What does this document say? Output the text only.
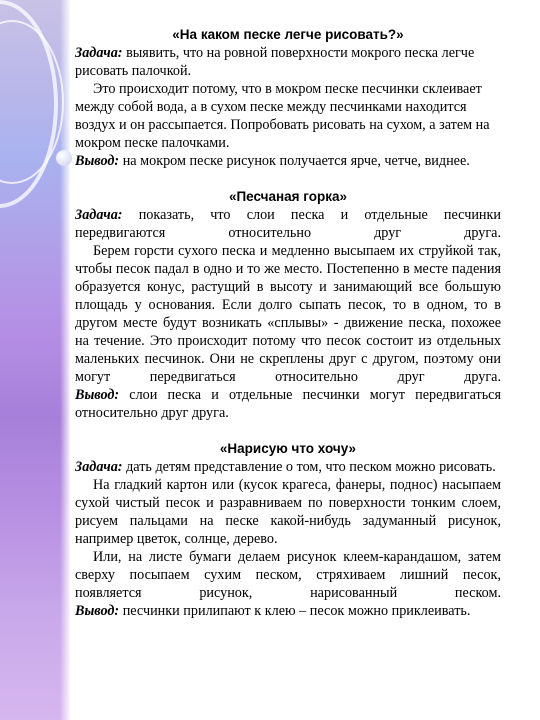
«На каком песке легче рисовать?»

Задача: выявить, что на ровной поверхности мокрого песка легче рисовать палочкой.

Это происходит потому, что в мокром песке песчинки склеивает между собой вода, а в сухом песке между песчинками находится воздух и он рассыпается. Попробовать рисовать на сухом, а затем на мокром песке палочками.

Вывод: на мокром песке рисунок получается ярче, четче, виднее.

«Песчаная горка»

Задача: показать, что слои песка и отдельные песчинки передвигаются относительно друг друга.

Берем горсти сухого песка и медленно высыпаем их струйкой так, чтобы песок падал в одно и то же место. Постепенно в месте падения образуется конус, растущий в высоту и занимающий все большую площадь у основания. Если долго сыпать песок, то в одном, то в другом месте будут возникать «сплывы» - движение песка, похожее на течение. Это происходит потому что песок состоит из отдельных маленьких песчинок. Они не скреплены друг с другом, поэтому они могут передвигаться относительно друг друга.

Вывод: слои песка и отдельные песчинки могут передвигаться относительно друг друга.

«Нарисую что хочу»

Задача: дать детям представление о том, что песком можно рисовать.

На гладкий картон или (кусок крагеса, фанеры, поднос) насыпаем сухой чистый песок и разравниваем по поверхности тонким слоем, рисуем пальцами на песке какой-нибудь задуманный рисунок, например цветок, солнце, дерево.

Или, на листе бумаги делаем рисунок клеем-карандашом, затем сверху посыпаем сухим песком, стряхиваем лишний песок, появляется рисунок, нарисованный песком.

Вывод: песчинки прилипают к клею – песок можно приклеивать.
